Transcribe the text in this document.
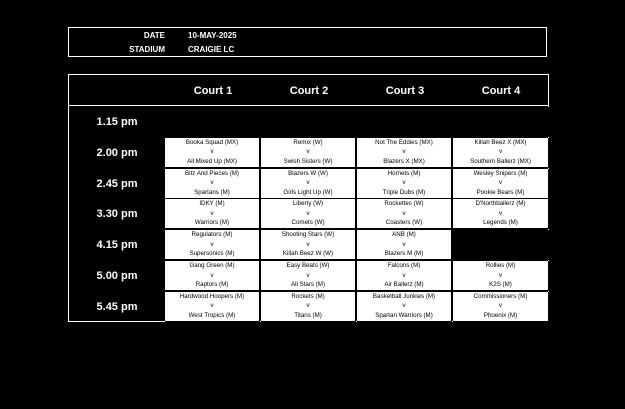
DATE	10-MAY-2025
STADIUM	CRAIGIE LC
Court 1	Court 2	Court 3	Court 4
1.15 pm
2.00 pm
Booka Squad (MX)
v
All Mixed Up (MX)
Remix (W)
v
Swish Sisters (W)
Not The Eddies (MX)
v
Blazers X (MX)
Killah Beez X (MX)
v
Southern Ballerz (MX)
2.45 pm
Bitz And Pieces (M)
v
Spartans (M)
Blazers W (W)
v
Girls Light Up (W)
Hornets (M)
v
Triple Dubs (M)
Wesley Snipers (M)
v
Pookie Bears (M)
3.30 pm
IDKY (M)
v
Warriors (M)
Liberty (W)
v
Comets (W)
Rockettes (W)
v
Coasters (W)
D'Northballerz (M)
v
Legends (M)
4.15 pm
Regulators (M)
v
Supersonics (M)
Shooting Stars (W)
v
Killah Beez W (W)
ANB (M)
v
Blazers M (M)
5.00 pm
Gang Green (M)
v
Raptors (M)
Easy Beats (W)
v
All Stars (M)
Falcons (M)
v
Air Ballerz (M)
Rollies (M)
v
K2S (M)
5.45 pm
Hardwood Hoopers (M)
v
West Tropics (M)
Rockets (M)
v
Titans (M)
Basketball Junkies (M)
v
Spartan Warriors (M)
Commissioners (M)
v
Phoenix (M)
